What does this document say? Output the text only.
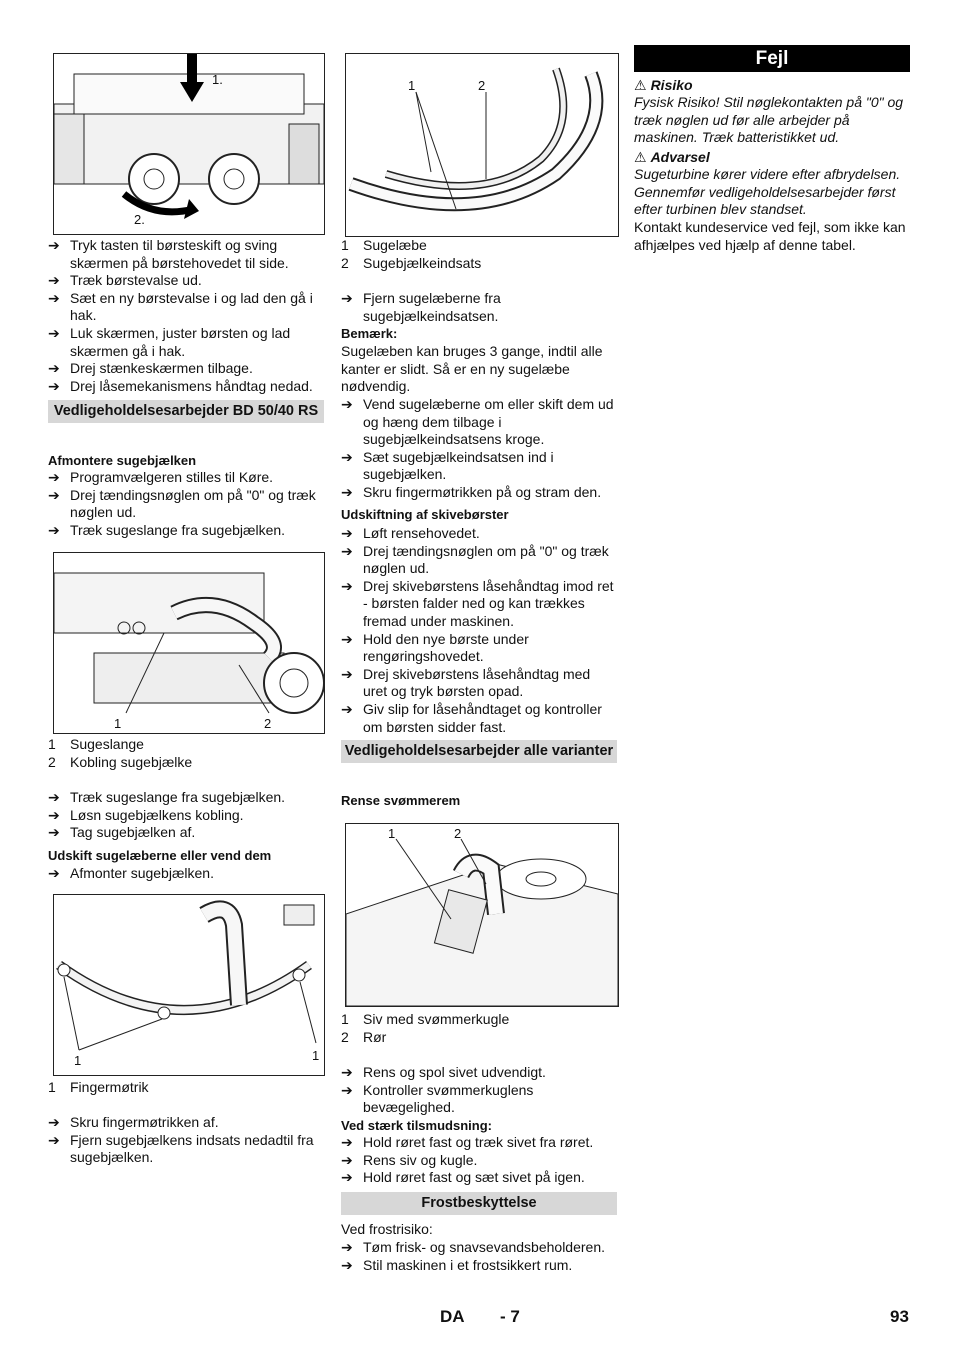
1.
2.
➔ Tryk tasten til børsteskift og sving skærmen på børstehovedet til side.
➔ Træk børstevalse ud.
➔ Sæt en ny børstevalse i og lad den gå i hak.
➔ Luk skærmen, juster børsten og lad skærmen gå i hak.
➔ Drej stænkeskærmen tilbage.
➔ Drej låsemekanismens håndtag nedad.
Vedligeholdelsesarbejder BD 50/40 RS
Afmontere sugebjælken
➔ Programvælgeren stilles til Køre.
➔ Drej tændingsnøglen om på "0" og træk nøglen ud.
➔ Træk sugeslange fra sugebjælken.
1	2
1	Sugeslange
2	Kobling sugebjælke
➔ Træk sugeslange fra sugebjælken.
➔ Løsn sugebjælkens kobling.
➔ Tag sugebjælken af.
Udskift sugelæberne eller vend dem
➔ Afmonter sugebjælken.
1	1
1	Fingermøtrik
➔ Skru fingermøtrikken af.
➔ Fjern sugebjælkens indsats nedadtil fra sugebjælken.
1	2
1	Sugelæbe
2	Sugebjælkeindsats
➔ Fjern sugelæberne fra sugebjælkeindsatsen.
Bemærk:
Sugelæben kan bruges 3 gange, indtil alle kanter er slidt. Så er en ny sugelæbe nødvendig.
➔ Vend sugelæberne om eller skift dem ud og hæng dem tilbage i sugebjælkeindsatsens kroge.
➔ Sæt sugebjælkeindsatsen ind i sugebjælken.
➔ Skru fingermøtrikken på og stram den.
Udskiftning af skivebørster
➔ Løft rensehovedet.
➔ Drej tændingsnøglen om på "0" og træk nøglen ud.
➔ Drej skivebørstens låsehåndtag imod ret - børsten falder ned og kan trækkes fremad under maskinen.
➔ Hold den nye børste under rengøringshovedet.
➔ Drej skivebørstens låsehåndtag med uret og tryk børsten opad.
➔ Giv slip for låsehåndtaget og kontroller om børsten sidder fast.
Vedligeholdelsesarbejder alle varianter
Rense svømmerem
1	2
1	Siv med svømmerkugle
2	Rør
➔ Rens og spol sivet udvendigt.
➔ Kontroller svømmerkuglens bevægelighed.
Ved stærk tilsmudsning:
➔ Hold røret fast og træk sivet fra røret.
➔ Rens siv og kugle.
➔ Hold røret fast og sæt sivet på igen.
Frostbeskyttelse
Ved frostrisiko:
➔ Tøm frisk- og snavsevandsbeholderen.
➔ Stil maskinen i et frostsikkert rum.
Fejl
⚠ Risiko
Fysisk Risiko! Stil nøglekontakten på "0" og træk nøglen ud før alle arbejder på maskinen. Træk batteristikket ud.
⚠ Advarsel
Sugeturbine kører videre efter afbrydelsen. Gennemfør vedligeholdelsesarbejder først efter turbinen blev standset.
Kontakt kundeservice ved fejl, som ikke kan afhjælpes ved hjælp af denne tabel.
DA - 7	93
